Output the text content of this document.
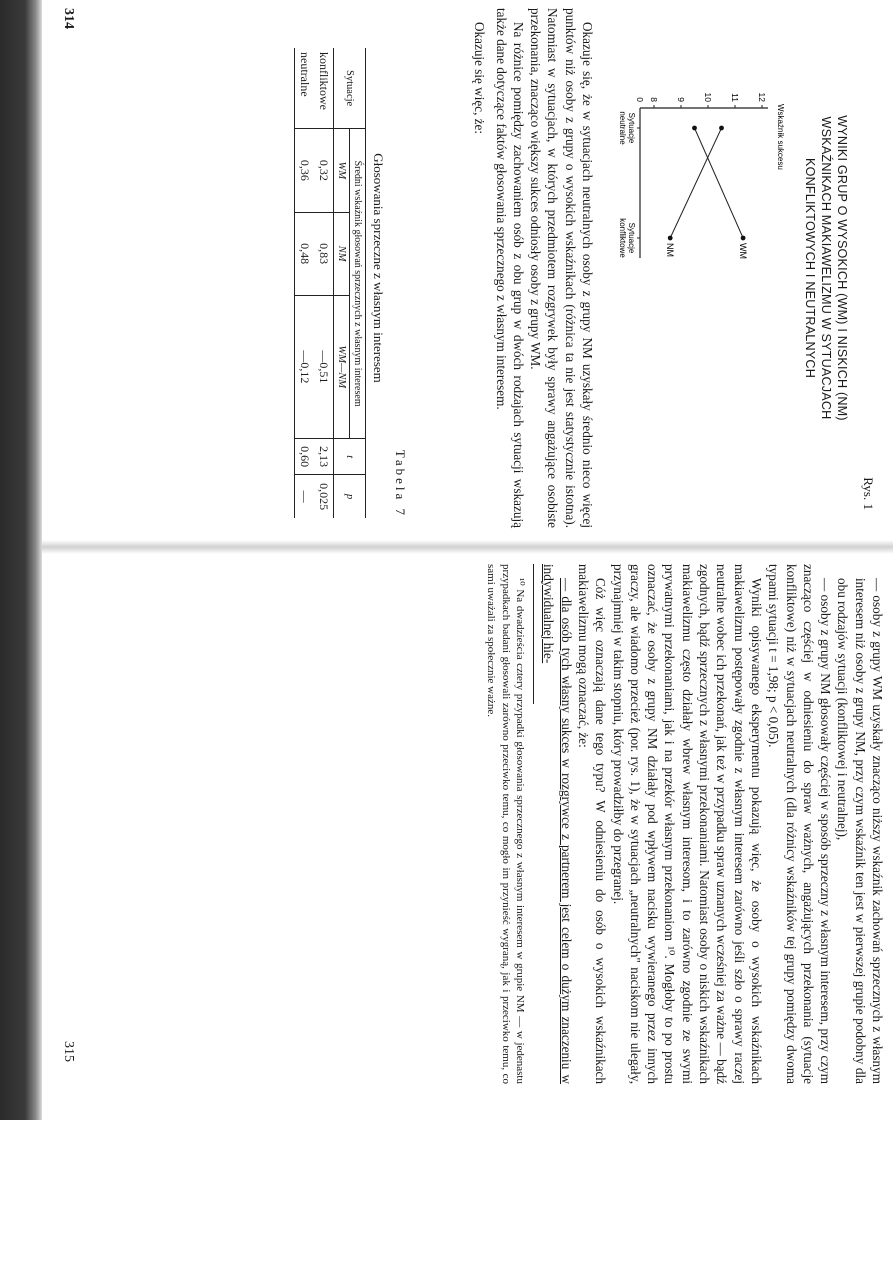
Rys. 1
WYNIKI GRUP O WYSOKICH (WM) I NISKICH (NM)
WSKAŹNIKACH MAKIAWELIZMU W SYTUACJACH
KONFLIKTOWYCH I NEUTRALNYCH
Wskaźnik sukcesu
12
11
10
9
8
0
Sytuacje
neutralne
Sytuacje
konfliktowe	WM
NM

Okazuje się, że w sytuacjach neutralnych osoby z grupy NM uzyskały średnio nieco więcej punktów niż osoby z grupy o wysokich wskaźnikach (różnica ta nie jest statystycznie istotna). Natomiast w sytuacjach, w których przedmiotem rozgrywek były sprawy angażujące osobiste przekonania, znacząco większy sukces odniosły osoby z grupy WM.

Na różnice pomiędzy zachowaniem osób z obu grup w dwóch rodzajach sytuacji wskazują także dane dotyczące faktów głosowania sprzecznego z własnym interesem.

Okazuje się więc, że:

Tabela 7
Głosowania sprzeczne z własnym interesem
Sytuacje	Średni wskaźnik głosowań sprzecznych z własnym interesem			t	p
	WM	NM	WM—NM		
konfliktowe	0,32	0,83	—0,51	2,13	0,025
neutralne	0,36	0,48	—0,12	0,60	—
314

— osoby z grupy WM uzyskały znacząco niższy wskaźnik zachowań sprzecznych z własnym interesem niż osoby z grupy NM, przy czym wskaźnik ten jest w pierwszej grupie podobny dla obu rodzajów sytuacji (konfliktowej i neutralnej),

— osoby z grupy NM głosowały częściej w sposób sprzeczny z własnym interesem, przy czym znacząco częściej w odniesieniu do spraw ważnych, angażujących przekonania (sytuacje konfliktowe) niż w sytuacjach neutralnych (dla różnicy wskaźników tej grupy pomiędzy dwoma typami sytuacji t = 1,98; p < 0,05).

Wyniki opisywanego eksperymentu pokazują więc, że osoby o wysokich wskaźnikach makiawelizmu postępowały zgodnie z własnym interesem zarówno jeśli szło o sprawy raczej neutralne wobec ich przekonań, jak też w przypadku spraw uznanych wcześniej za ważne — bądź zgodnych, bądź sprzecznych z własnymi przekonaniami. Natomiast osoby o niskich wskaźnikach makiawelizmu często działały wbrew własnym interesom, i to zarówno zgodnie ze swymi prywatnymi przekonaniami, jak i na przekór własnym przekonaniom ¹⁰. Mogłoby to po prostu oznaczać, że osoby z grupy NM działały pod wpływem nacisku wywieranego przez innych graczy, ale wiadomo przecież (por. rys. 1), że w sytuacjach „neutralnych" naciskom nie ulegały, przynajmniej w takim stopniu, który prowadziłby do przegranej.

Cóż więc oznaczają dane tego typu? W odniesieniu do osób o wysokich wskaźnikach makiawelizmu mogą oznaczać, że:

— dla osób tych własny sukces w rozgrywce z partnerem jest celem o dużym znaczeniu w indywidualnej hie-

¹⁰ Na dwadzieścia cztery przypadki głosowania sprzecznego z własnym interesem w grupie NM — w jedenastu przypadkach badani głosowali zarówno przeciwko temu, co mogło im przynieść wygraną, jak i przeciwko temu, co sami uważali za społecznie ważne.

315
